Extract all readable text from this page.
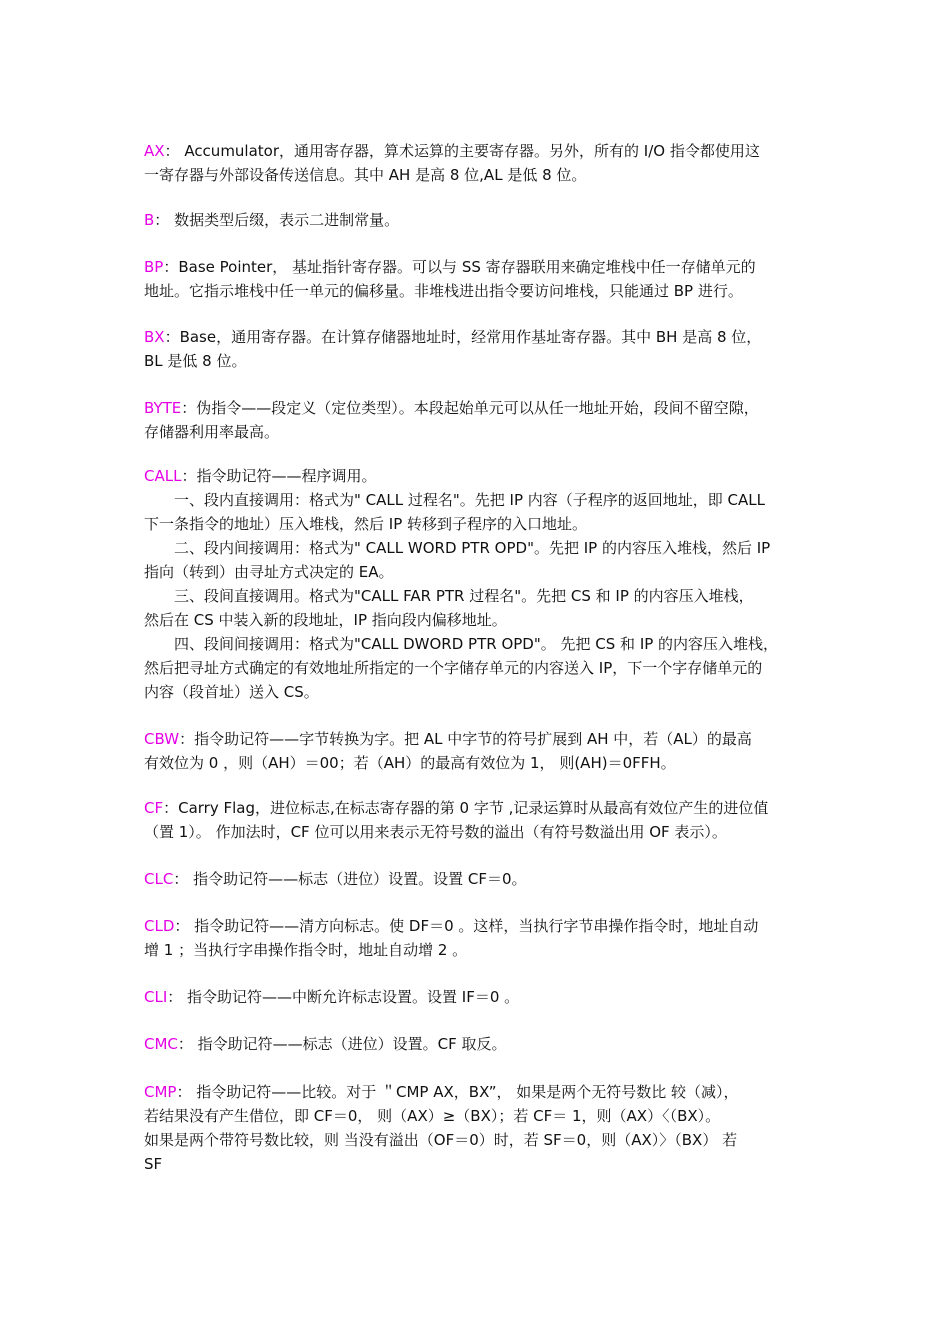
AX： Accumulator，通用寄存器，算术运算的主要寄存器。另外，所有的 I/O 指令都使用这
一寄存器与外部设备传送信息。其中 AH 是高 8 位,AL 是低 8 位。
B： 数据类型后缀，表示二进制常量。
BP：Base Pointer， 基址指针寄存器。可以与 SS 寄存器联用来确定堆栈中任一存储单元的
地址。它指示堆栈中任一单元的偏移量。非堆栈进出指令要访问堆栈，只能通过 BP 进行。
BX：Base，通用寄存器。在计算存储器地址时，经常用作基址寄存器。其中 BH 是高 8 位，
BL 是低 8 位。
BYTE：伪指令——段定义（定位类型）。本段起始单元可以从任一地址开始，段间不留空隙，
存储器利用率最高。
CALL：指令助记符——程序调用。
一、段内直接调用：格式为" CALL 过程名"。先把 IP 内容（子程序的返回地址，即 CALL
下一条指令的地址）压入堆栈，然后 IP 转移到子程序的入口地址。
二、段内间接调用：格式为" CALL WORD PTR OPD"。先把 IP 的内容压入堆栈，然后 IP
指向（转到）由寻址方式决定的 EA。
三、段间直接调用。格式为"CALL FAR PTR 过程名"。先把 CS 和 IP 的内容压入堆栈，
然后在 CS 中装入新的段地址，IP 指向段内偏移地址。
四、段间间接调用：格式为"CALL DWORD PTR OPD"。 先把 CS 和 IP 的内容压入堆栈，
然后把寻址方式确定的有效地址所指定的一个字储存单元的内容送入 IP，下一个字存储单元的
内容（段首址）送入 CS。
CBW：指令助记符——字节转换为字。把 AL 中字节的符号扩展到 AH 中，若（AL）的最高
有效位为 0 ，则（AH）＝00；若（AH）的最高有效位为 1， 则(AH)＝0FFH。
CF：Carry Flag，进位标志,在标志寄存器的第 0 字节 ,记录运算时从最高有效位产生的进位值
（置 1）。 作加法时，CF 位可以用来表示无符号数的溢出（有符号数溢出用 OF 表示）。
CLC： 指令助记符——标志（进位）设置。设置 CF＝0。
CLD： 指令助记符——清方向标志。使 DF＝0 。这样，当执行字节串操作指令时，地址自动
增 1 ；当执行字串操作指令时，地址自动增 2 。
CLI： 指令助记符——中断允许标志设置。设置 IF＝0 。
CMC： 指令助记符——标志（进位）设置。CF 取反。
CMP： 指令助记符——比较。对于 ＂CMP AX，BX”， 如果是两个无符号数比 较（减），
若结果没有产生借位，即 CF＝0， 则（AX）≥（BX）；若 CF＝ 1，则（AX）〈（BX）。
如果是两个带符号数比较，则 当没有溢出（OF＝0）时，若 SF＝0，则（AX）〉（BX） 若
SF
